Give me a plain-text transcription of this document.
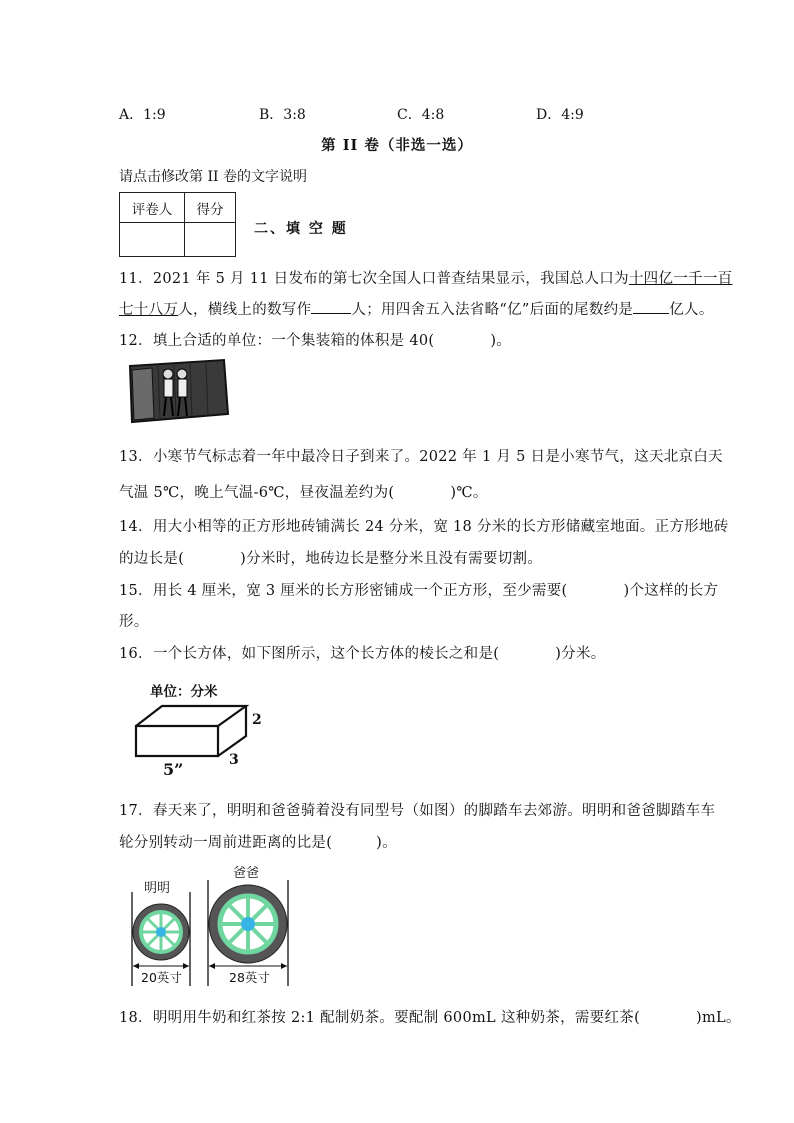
A．1:9	B．3:8	C．4:8	D．4:9
第 II 卷（非选一选）
请点击修改第 II 卷的文字说明
评卷人	得分

二、填 空 题
11．2021 年 5 月 11 日发布的第七次全国人口普查结果显示，我国总人口为十四亿一千一百
七十八万人，横线上的数写作	人；用四舍五入法省略“亿”后面的尾数约是 亿人。
12．填上合适的单位：一个集装箱的体积是 40(	)。
13．小寒节气标志着一年中最冷日子到来了。2022 年 1 月 5 日是小寒节气，这天北京白天
气温 5℃，晚上气温-6℃，昼夜温差约为(	)℃。
14．用大小相等的正方形地砖铺满长 24 分米，宽 18 分米的长方形储藏室地面。正方形地砖
的边长是(	)分米时，地砖边长是整分米且没有需要切割。
15．用长 4 厘米，宽 3 厘米的长方形密铺成一个正方形，至少需要(	)个这样的长方
形。
16．一个长方体，如下图所示，这个长方体的棱长之和是(	)分米。
单位：分米
2
3
5”
17．春天来了，明明和爸爸骑着没有同型号（如图）的脚踏车去郊游。明明和爸爸脚踏车车
轮分别转动一周前进距离的比是(	)。
明明
爸爸
20英寸	28英寸
18．明明用牛奶和红茶按 2:1 配制奶茶。要配制 600mL 这种奶茶，需要红茶(	)mL。
